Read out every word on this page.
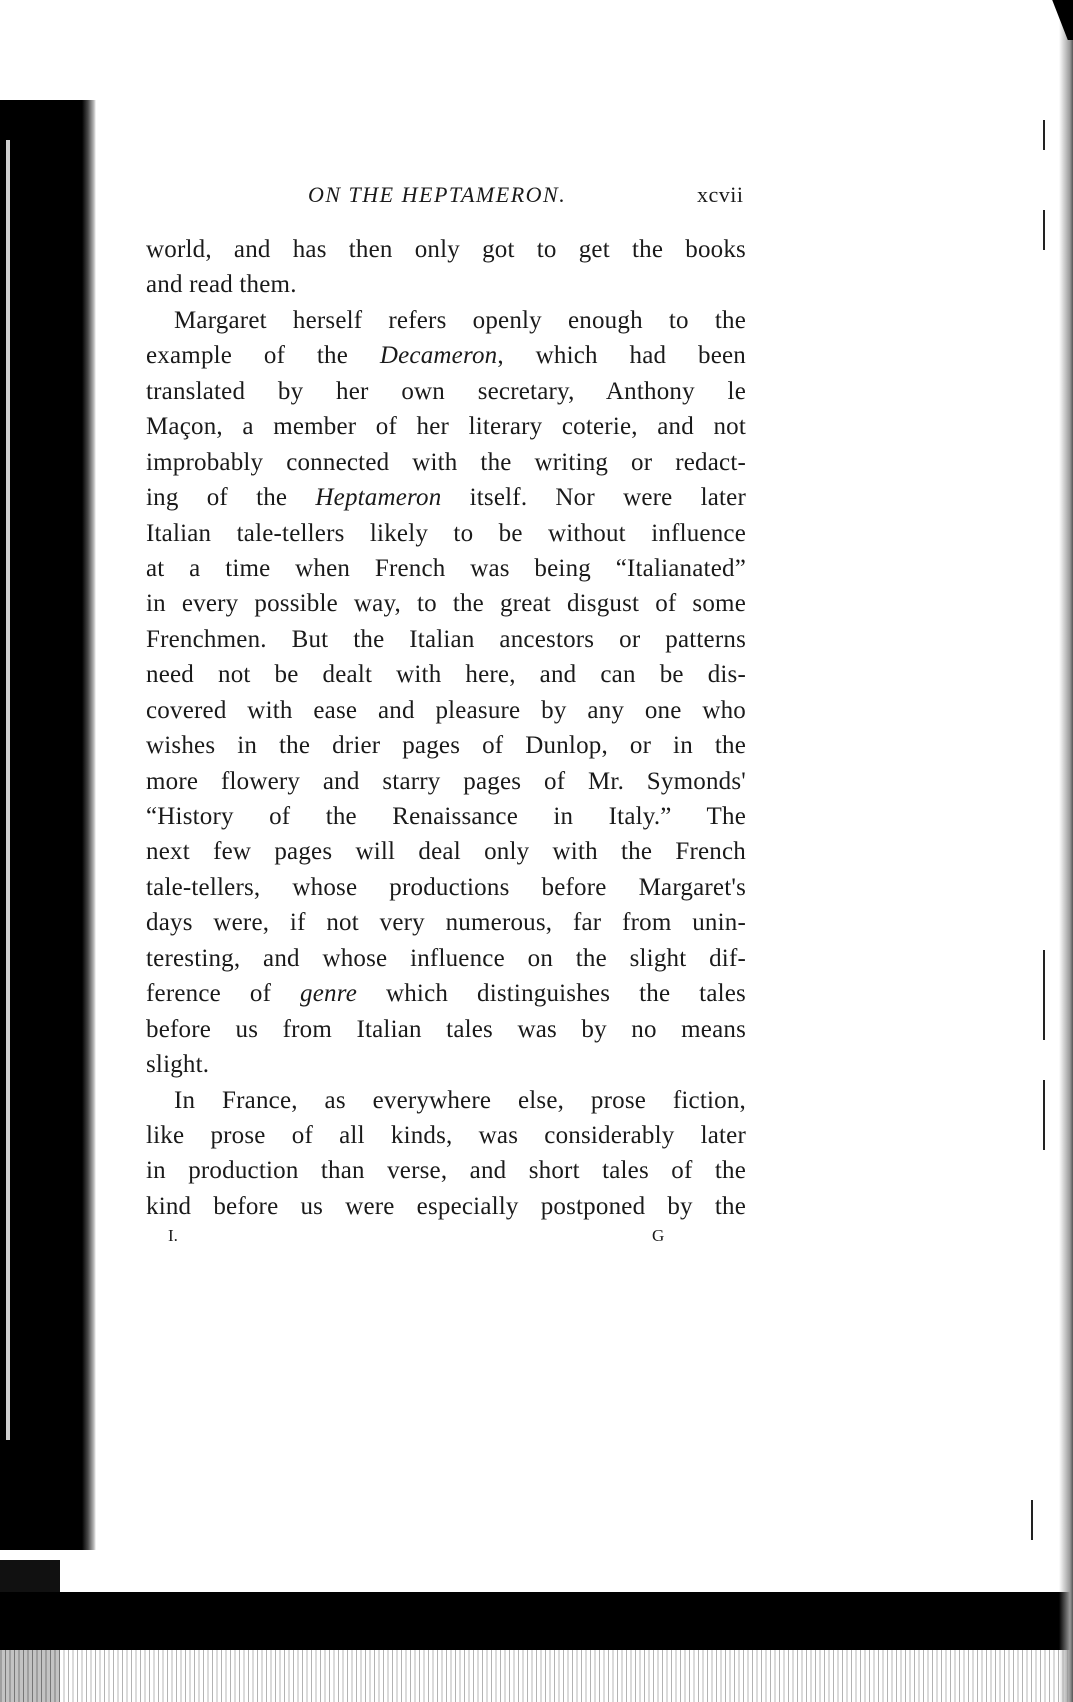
ON THE HEPTAMERON.	xcvii
world, and has then only got to get the books
and read them.
Margaret herself refers openly enough to the
example of the Decameron, which had been
translated by her own secretary, Anthony le
Maçon, a member of her literary coterie, and not
improbably connected with the writing or redact-
ing of the Heptameron itself. Nor were later
Italian tale-tellers likely to be without influence
at a time when French was being “Italianated”
in every possible way, to the great disgust of some
Frenchmen. But the Italian ancestors or patterns
need not be dealt with here, and can be dis-
covered with ease and pleasure by any one who
wishes in the drier pages of Dunlop, or in the
more flowery and starry pages of Mr. Symonds'
“History of the Renaissance in Italy.” The
next few pages will deal only with the French
tale-tellers, whose productions before Margaret's
days were, if not very numerous, far from unin-
teresting, and whose influence on the slight dif-
ference of genre which distinguishes the tales
before us from Italian tales was by no means
slight.
In France, as everywhere else, prose fiction,
like prose of all kinds, was considerably later
in production than verse, and short tales of the
kind before us were especially postponed by the
I.	G
